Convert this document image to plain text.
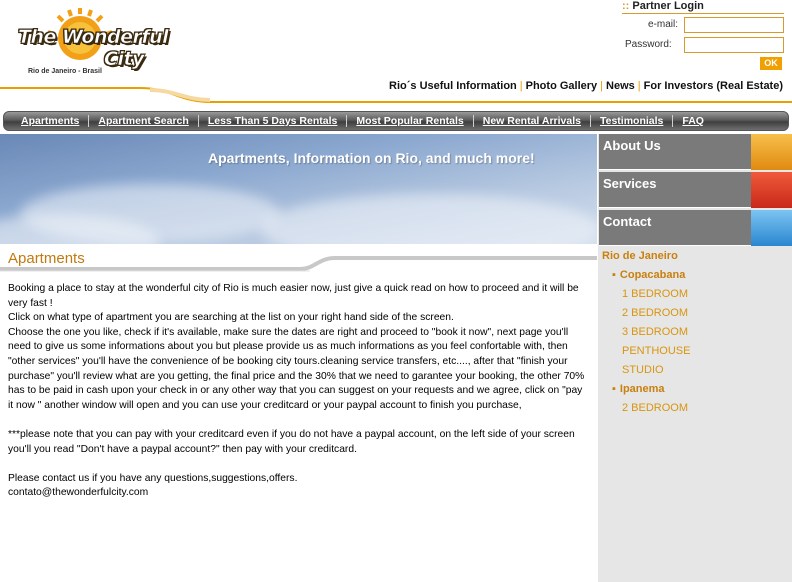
The Wonderful
City
Rio de Janeiro - Brasil
:: Partner Login
e-mail:
Password:
OK
Rio´s Useful Information | Photo Gallery | News | For Investors (Real Estate)
Apartments	Apartment Search	Less Than 5 Days Rentals	Most Popular Rentals	New Rental Arrivals	Testimonials	FAQ
Apartments, Information on Rio, and much more!
About Us
Services
Contact
Rio de Janeiro
▪ Copacabana
1 BEDROOM
2 BEDROOM
3 BEDROOM
PENTHOUSE
STUDIO
▪ Ipanema
2 BEDROOM
Apartments

Booking a place to stay at the wonderful city of Rio is much easier now, just give a quick read on how to proceed and it will be very fast !

Click on what type of apartment you are searching at the list on your right hand side of the screen.

Choose the one you like, check if it's available, make sure the dates are right and proceed to "book it now", next page you'll need to give us some informations about you but please provide us as much informations as you feel confortable with, then "other services" you'll have the convenience of be booking city tours.cleaning service transfers, etc...., after that "finish your purchase" you'll review what are you getting, the final price and the 30% that we need to garantee your booking, the other 70% has to be paid in cash upon your check in or any other way that you can suggest on your requests and we agree, click on "pay it now " another window will open and you can use your creditcard or your paypal account to finish you purchase,

***please note that you can pay with your creditcard even if you do not have a paypal account, on the left side of your screen you'll you read "Don't have a paypal account?" then pay with your creditcard.

Please contact us if you have any questions,suggestions,offers.

contato@thewonderfulcity.com
